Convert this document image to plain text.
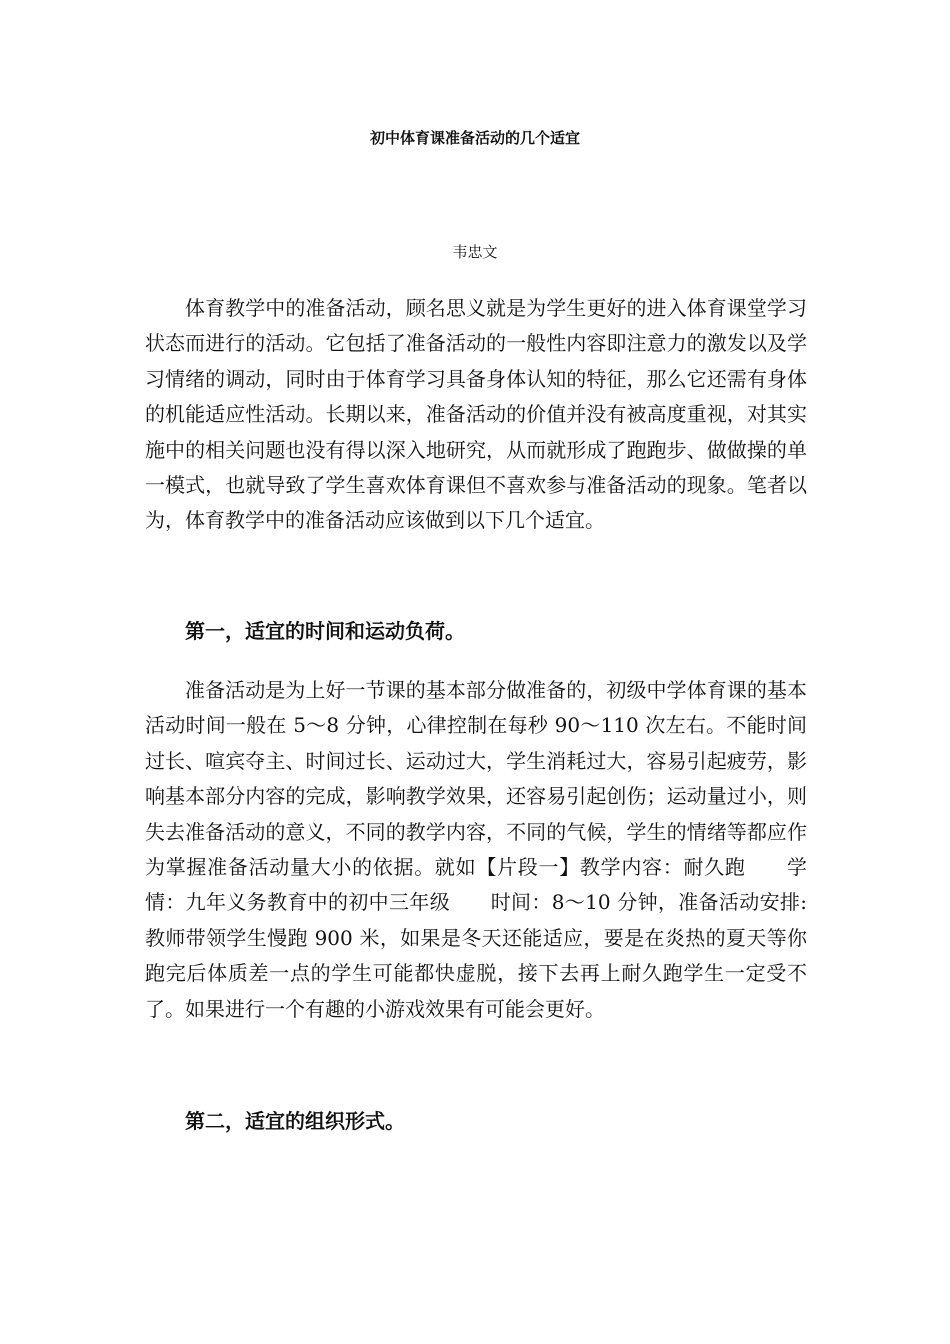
初中体育课准备活动的几个适宜

韦忠文

体育教学中的准备活动，顾名思义就是为学生更好的进入体育课堂学习状态而进行的活动。它包括了准备活动的一般性内容即注意力的激发以及学习情绪的调动，同时由于体育学习具备身体认知的特征，那么它还需有身体的机能适应性活动。长期以来，准备活动的价值并没有被高度重视，对其实施中的相关问题也没有得以深入地研究，从而就形成了跑跑步、做做操的单一模式，也就导致了学生喜欢体育课但不喜欢参与准备活动的现象。笔者以为，体育教学中的准备活动应该做到以下几个适宜。

第一，适宜的时间和运动负荷。

准备活动是为上好一节课的基本部分做准备的，初级中学体育课的基本活动时间一般在 5～8 分钟，心律控制在每秒 90～110 次左右。不能时间过长、喧宾夺主、时间过长、运动过大，学生消耗过大，容易引起疲劳，影响基本部分内容的完成，影响教学效果，还容易引起创伤；运动量过小，则失去准备活动的意义，不同的教学内容，不同的气候，学生的情绪等都应作为掌握准备活动量大小的依据。就如【片段一】教学内容：耐久跑　　学情：九年义务教育中的初中三年级　　时间：8～10 分钟，准备活动安排:教师带领学生慢跑 900 米，如果是冬天还能适应，要是在炎热的夏天等你跑完后体质差一点的学生可能都快虚脱，接下去再上耐久跑学生一定受不了。如果进行一个有趣的小游戏效果有可能会更好。

第二，适宜的组织形式。
